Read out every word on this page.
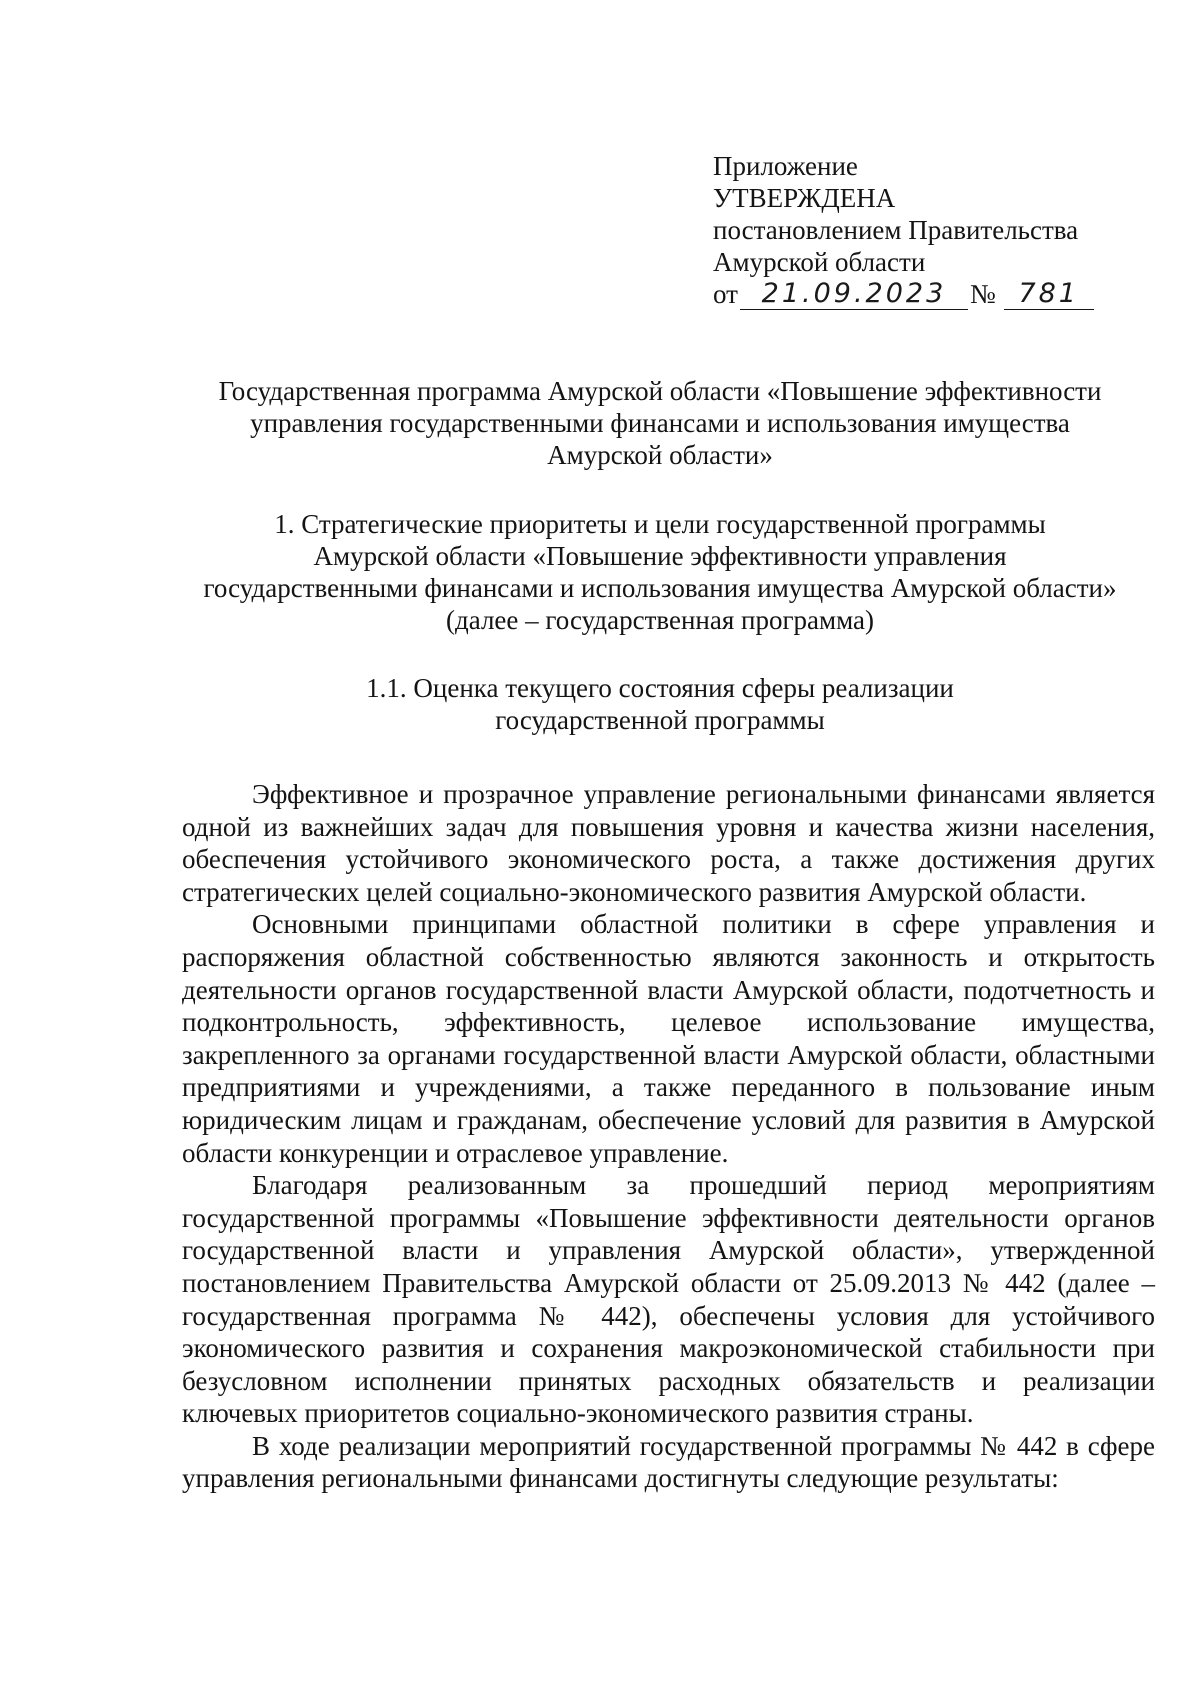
Приложение
УТВЕРЖДЕНА
постановлением Правительства
Амурской области
от 21.09.2023 № 781
Государственная программа Амурской области «Повышение эффективности
управления государственными финансами и использования имущества
Амурской области»
1. Стратегические приоритеты и цели государственной программы
Амурской области «Повышение эффективности управления
государственными финансами и использования имущества Амурской области»
(далее – государственная программа)
1.1. Оценка текущего состояния сферы реализации
государственной программы

Эффективное и прозрачное управление региональными финансами является одной из важнейших задач для повышения уровня и качества жизни населения, обеспечения устойчивого экономического роста, а также достижения других стратегических целей социально-экономического развития Амурской области.

Основными принципами областной политики в сфере управления и распоряжения областной собственностью являются законность и открытость деятельности органов государственной власти Амурской области, подотчетность и подконтрольность, эффективность, целевое использование имущества, закрепленного за органами государственной власти Амурской области, областными предприятиями и учреждениями, а также переданного в пользование иным юридическим лицам и гражданам, обеспечение условий для развития в Амурской области конкуренции и отраслевое управление.

Благодаря реализованным за прошедший период мероприятиям государственной программы «Повышение эффективности деятельности органов государственной власти и управления Амурской области», утвержденной постановлением Правительства Амурской области от 25.09.2013 № 442 (далее – государственная программа № 442), обеспечены условия для устойчивого экономического развития и сохранения макроэкономической стабильности при безусловном исполнении принятых расходных обязательств и реализации ключевых приоритетов социально-экономического развития страны.

В ходе реализации мероприятий государственной программы № 442 в сфере управления региональными финансами достигнуты следующие результаты:
